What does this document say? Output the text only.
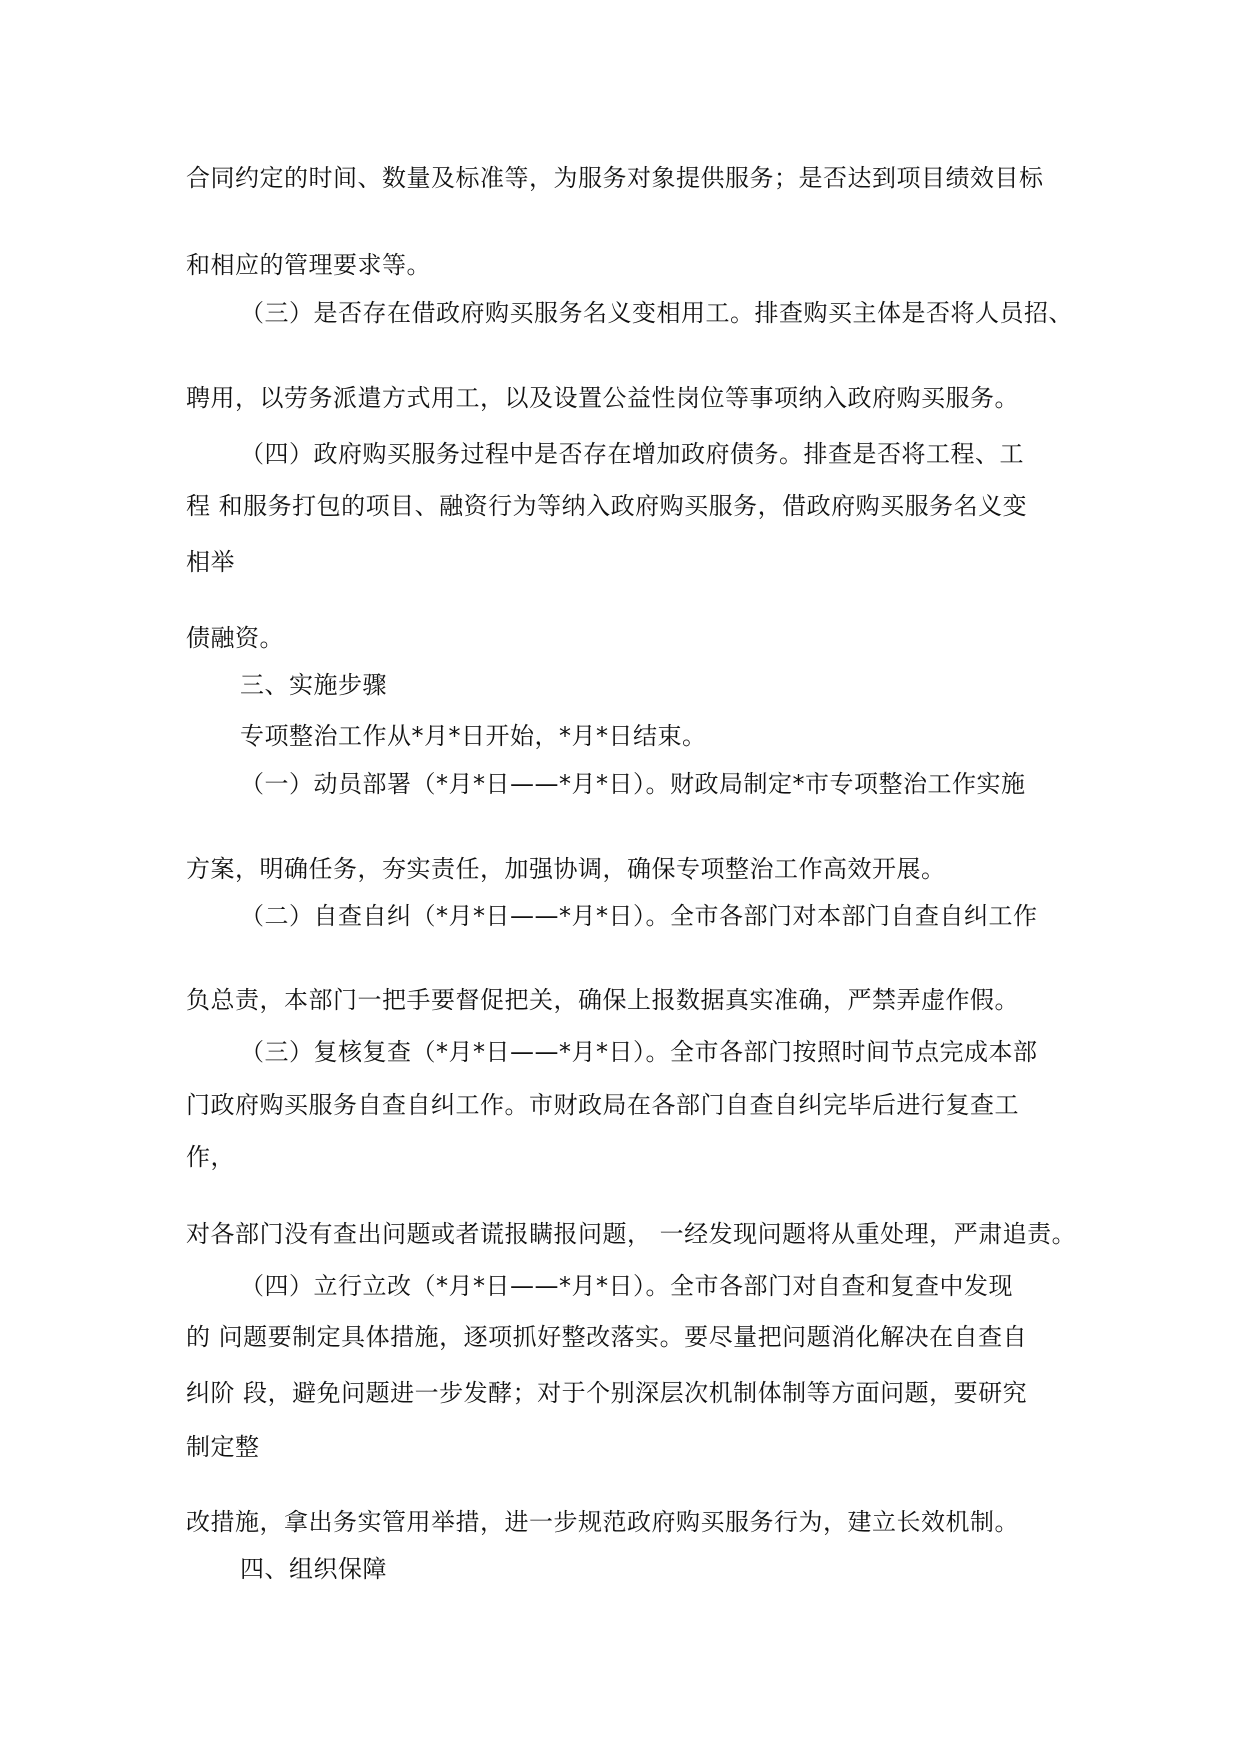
合同约定的时间、数量及标准等，为服务对象提供服务；是否达到项目绩效目标
和相应的管理要求等。
（三）是否存在借政府购买服务名义变相用工。排查购买主体是否将人员招、
聘用，以劳务派遣方式用工，以及设置公益性岗位等事项纳入政府购买服务。
（四）政府购买服务过程中是否存在增加政府债务。排查是否将工程、工
程 和服务打包的项目、融资行为等纳入政府购买服务，借政府购买服务名义变
相举
债融资。
三、实施步骤
专项整治工作从*月*日开始，*月*日结束。
（一）动员部署（*月*日——*月*日）。财政局制定*市专项整治工作实施
方案，明确任务，夯实责任，加强协调，确保专项整治工作高效开展。
（二）自查自纠（*月*日——*月*日）。全市各部门对本部门自查自纠工作
负总责，本部门一把手要督促把关，确保上报数据真实准确，严禁弄虚作假。
（三）复核复查（*月*日——*月*日）。全市各部门按照时间节点完成本部
门政府购买服务自查自纠工作。市财政局在各部门自查自纠完毕后进行复查工
作，
对各部门没有查出问题或者谎报瞒报问题， 一经发现问题将从重处理，严肃追责。
（四）立行立改（*月*日——*月*日）。全市各部门对自查和复查中发现
的 问题要制定具体措施，逐项抓好整改落实。要尽量把问题消化解决在自查自
纠阶 段，避免问题进一步发酵；对于个别深层次机制体制等方面问题，要研究
制定整
改措施，拿出务实管用举措，进一步规范政府购买服务行为，建立长效机制。
四、组织保障
